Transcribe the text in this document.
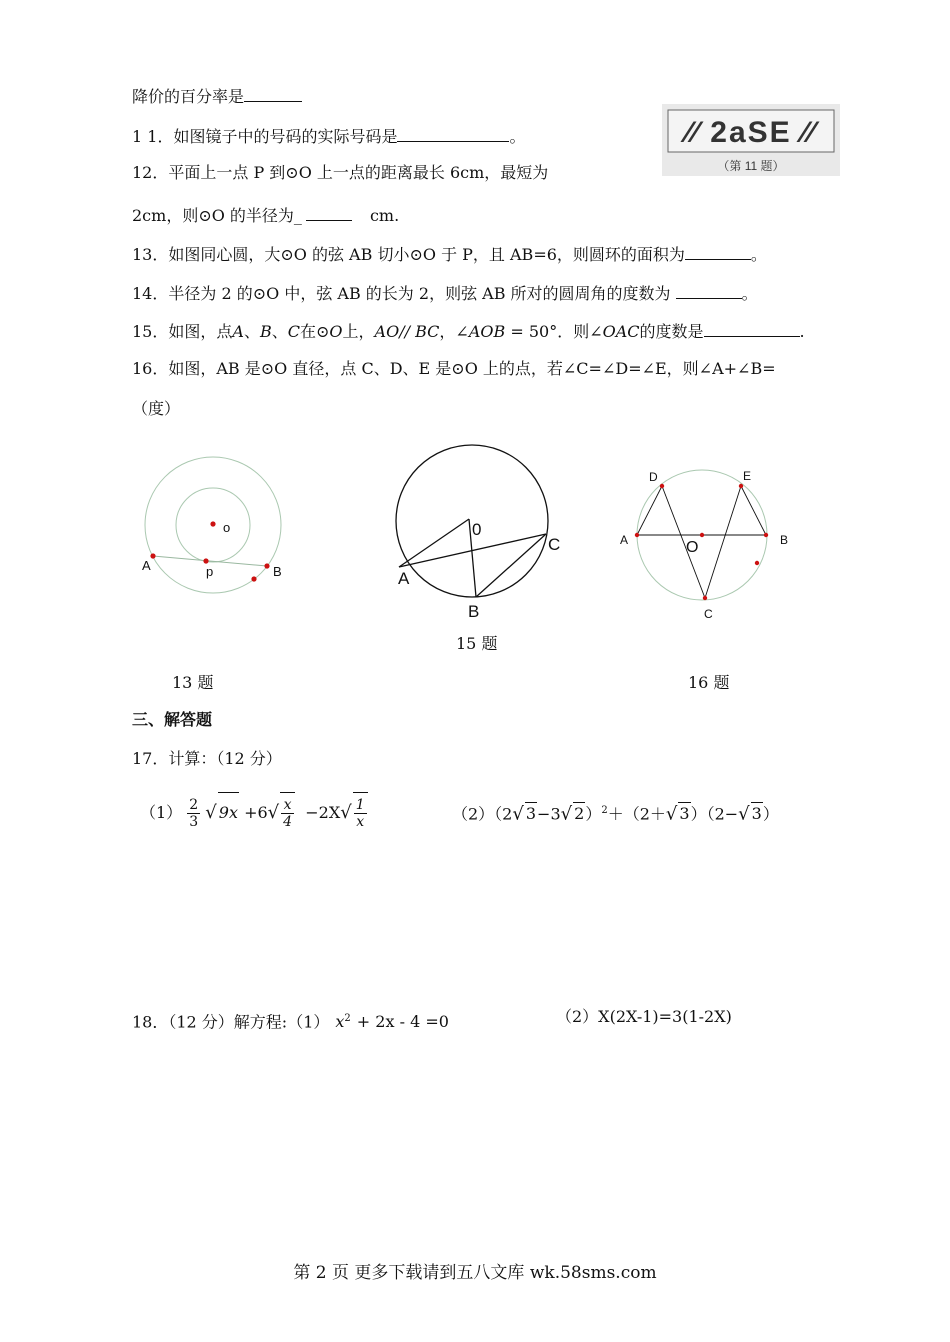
降价的百分率是
1 1．如图镜子中的号码的实际号码是	。	⁄⁄ 2aSE ⁄⁄
（第 11 题）
12．平面上一点 P 到⊙O 上一点的距离最长 6cm，最短为
2cm，则⊙O 的半径为_	cm.
13．如图同心圆，大⊙O 的弦 AB 切小⊙O 于 P，且 AB=6，则圆环的面积为	。
14．半径为 2 的⊙O 中，弦 AB 的长为 2，则弦 AB 所对的圆周角的度数为	。
15．如图，点A、B、C在⊙O上，AO// BC，∠AOB = 50°．则∠OAC的度数是	.
16．如图，AB 是⊙O 直径，点 C、D、E 是⊙O 上的点，若∠C=∠D=∠E，则∠A+∠B=
（度）
o
A	p	B
13 题
0
A
B
C
15 题
D	E
A	O	B
C
16 题
三、解答题
17．计算：（12 分）
$(1) \frac{2}{3}$ √ $9x +6√ \frac{x}{4} -2X√ \frac{1}{x}$	（2）（2√ 3−3√ 2）$^2$＋（2＋√ 3）（2−√ 3）
18．（12 分）解方程:（1） $x^2 + 2x - 4 =0$	（2）X(2X-1)=3(1-2X)
第 2 页 更多下载请到五八文库 wk.58sms.com
